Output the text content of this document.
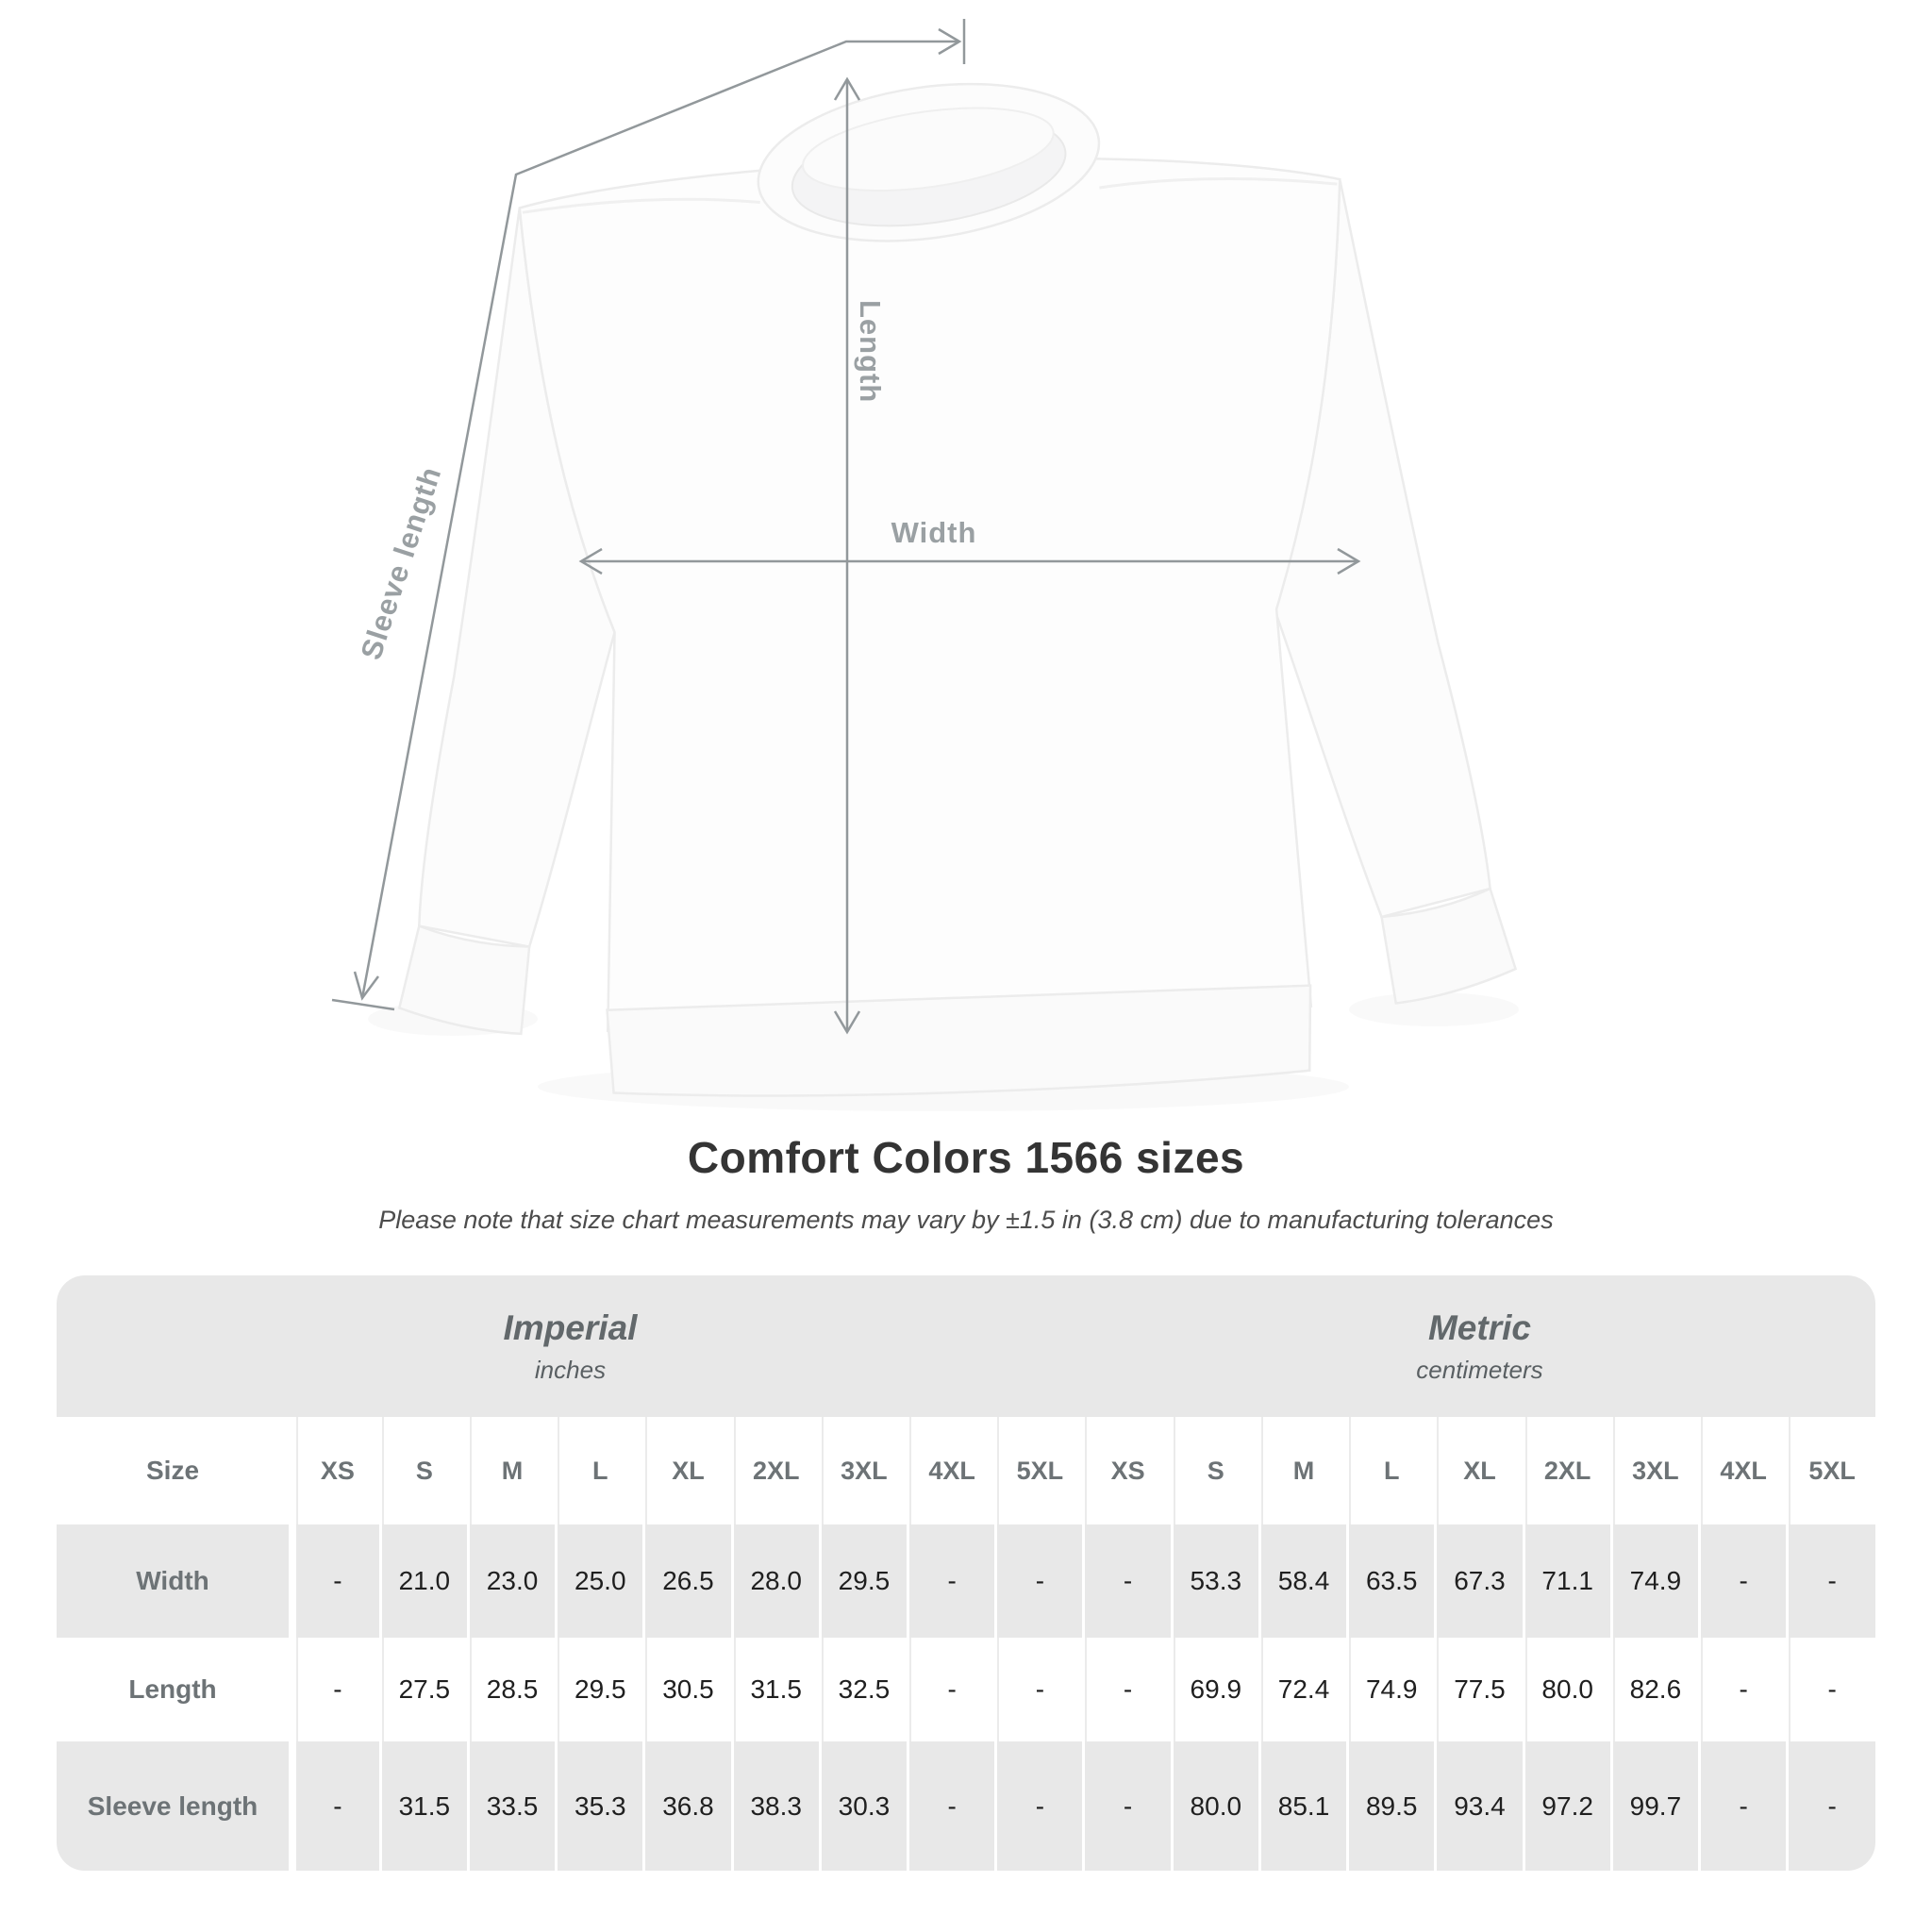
Length
Width
Sleeve length
Comfort Colors 1566 sizes
Please note that size chart measurements may vary by ±1.5 in (3.8 cm) due to manufacturing tolerances
Imperial
inches

Metric
centimeters

Size	XS	S	M	L	XL	2XL	3XL	4XL	5XL	XS	S	M	L	XL	2XL	3XL	4XL	5XL
Width	-	21.0	23.0	25.0	26.5	28.0	29.5	-	-	-	53.3	58.4	63.5	67.3	71.1	74.9	-	-
Length	-	27.5	28.5	29.5	30.5	31.5	32.5	-	-	-	69.9	72.4	74.9	77.5	80.0	82.6	-	-
Sleeve length	-	31.5	33.5	35.3	36.8	38.3	30.3	-	-	-	80.0	85.1	89.5	93.4	97.2	99.7	-	-
